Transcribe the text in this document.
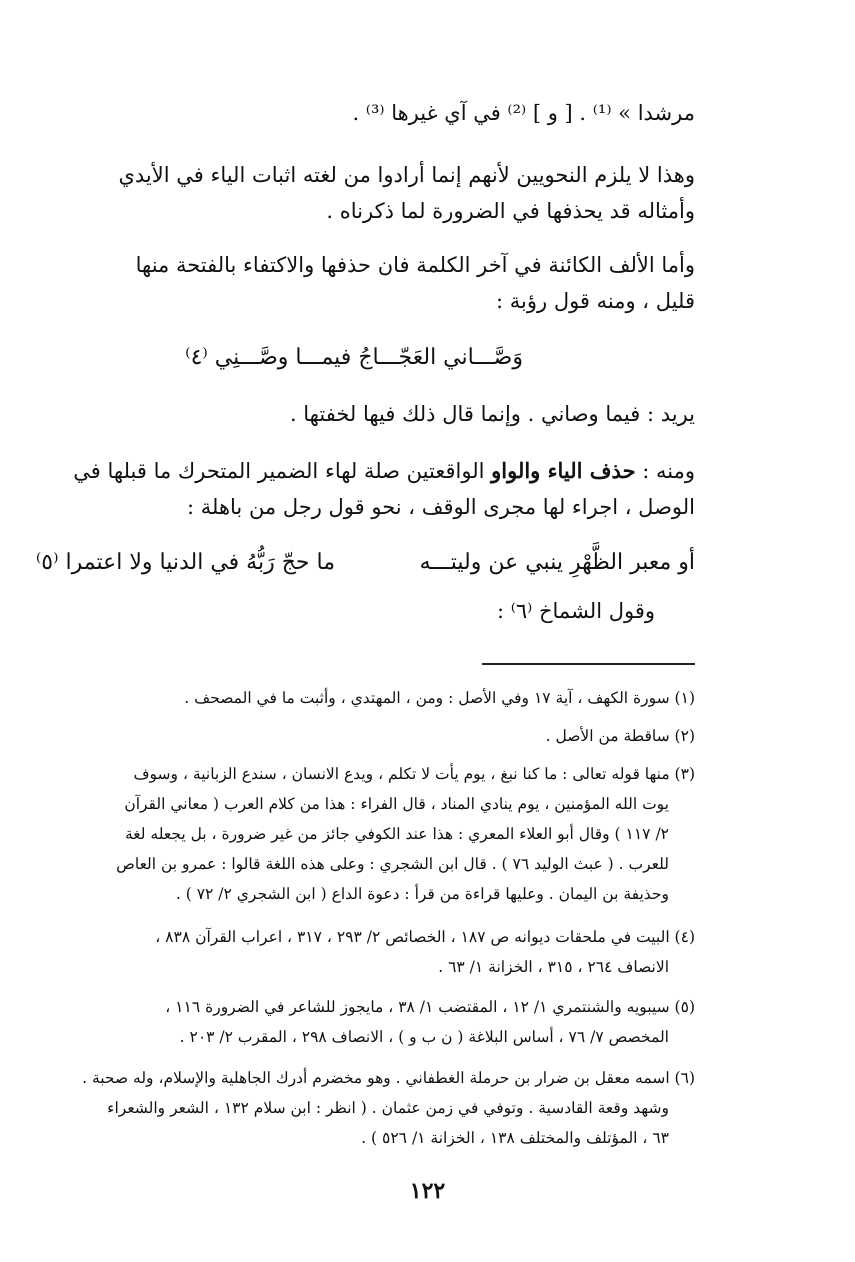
مرشدا » ⁽¹⁾ . [ و ] ⁽²⁾ في آي غيرها ⁽³⁾ .
وهذا لا يلزم النحويين لأنهم إنما أرادوا من لغته اثبات الياء في الأيدي
وأمثاله قد يحذفها في الضرورة لما ذكرناه .
وأما الألف الكائنة في آخر الكلمة فان حذفها والاكتفاء بالفتحة منها
قليل ، ومنه قول رؤبة :
وَصَّـــاني العَجّـــاجُ فيمـــا وصَّـــنِي ⁽٤⁾
يريد : فيما وصاني . وإنما قال ذلك فيها لخفتها .
ومنه : حذف الياء والواو الواقعتين صلة لهاء الضمير المتحرك ما قبلها في
الوصل ، اجراء لها مجرى الوقف ، نحو قول رجل من باهلة :
أو معبر الظَّهْرِ ينبي عن وليتـــه
ما حجّ رَبُّهُ في الدنيا ولا اعتمرا ⁽٥⁾
وقول الشماخ ⁽٦⁾ :
(١) سورة الكهف ، آية ١٧ وفي الأصل : ومن ، المهتدي ، وأثبت ما في المصحف .
(٢) ساقطة من الأصل .
(٣) منها قوله تعالى : ما كنا نبغ ، يوم يأت لا تكلم ، ويدع الانسان ، سندع الزبانية ، وسوف
يوت الله المؤمنين ، يوم ينادي المناد ، قال الفراء : هذا من كلام العرب ( معاني القرآن
٢/ ١١٧ ) وقال أبو العلاء المعري : هذا عند الكوفي جائز من غير ضرورة ، بل يجعله لغة
للعرب . ( عبث الوليد ٧٦ ) . قال ابن الشجري : وعلى هذه اللغة قالوا : عمرو بن العاص
وحذيفة بن اليمان . وعليها قراءة من قرأ : دعوة الداع ( ابن الشجري ٢/ ٧٢ ) .
(٤) البيت في ملحقات ديوانه ص ١٨٧ ، الخصائص ٢/ ٢٩٣ ، ٣١٧ ، اعراب القرآن ٨٣٨ ،
الانصاف ٢٦٤ ، ٣١٥ ، الخزانة ١/ ٦٣ .
(٥) سيبويه والشنتمري ١/ ١٢ ، المقتضب ١/ ٣٨ ، مايجوز للشاعر في الضرورة ١١٦ ،
المخصص ٧/ ٧٦ ، أساس البلاغة ( ن ب و ) ، الانصاف ٢٩٨ ، المقرب ٢/ ٢٠٣ .
(٦) اسمه معقل بن ضرار بن حرملة الغطفاني . وهو مخضرم أدرك الجاهلية والإسلام، وله صحبة .
وشهد وقعة القادسية . وتوفي في زمن عثمان . ( انظر : ابن سلام ١٣٢ ، الشعر والشعراء
٦٣ ، المؤتلف والمختلف ١٣٨ ، الخزانة ١/ ٥٢٦ ) .
١٢٢
